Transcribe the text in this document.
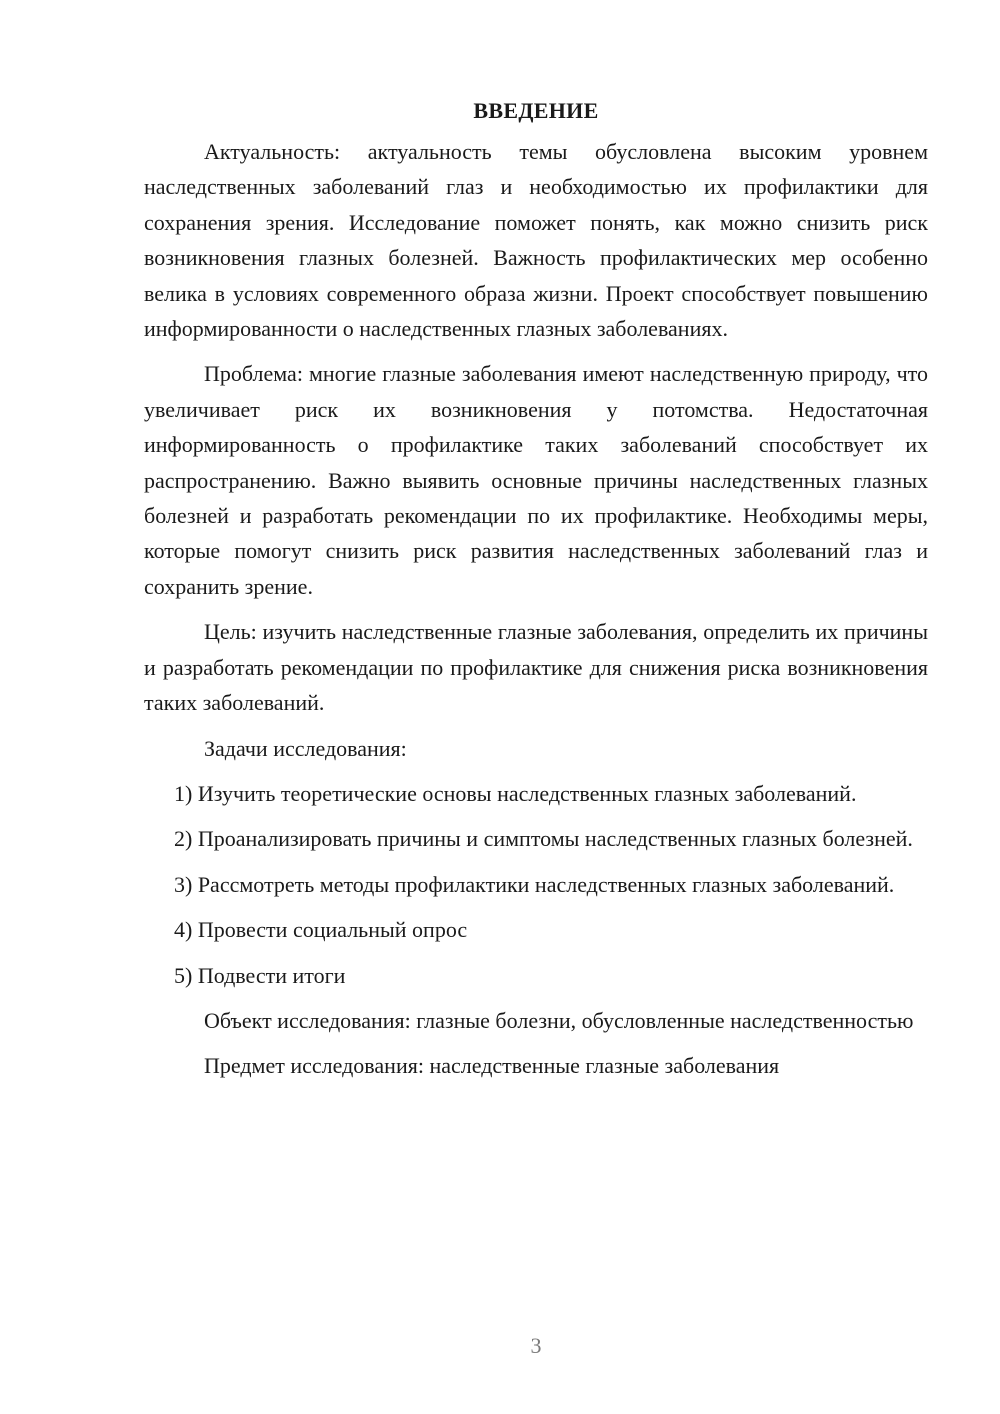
ВВЕДЕНИЕ

Актуальность: актуальность темы обусловлена высоким уровнем наследственных заболеваний глаз и необходимостью их профилактики для сохранения зрения. Исследование поможет понять, как можно снизить риск возникновения глазных болезней. Важность профилактических мер особенно велика в условиях современного образа жизни. Проект способствует повышению информированности о наследственных глазных заболеваниях.

Проблема: многие глазные заболевания имеют наследственную природу, что увеличивает риск их возникновения у потомства. Недостаточная информированность о профилактике таких заболеваний способствует их распространению. Важно выявить основные причины наследственных глазных болезней и разработать рекомендации по их профилактике. Необходимы меры, которые помогут снизить риск развития наследственных заболеваний глаз и сохранить зрение.

Цель: изучить наследственные глазные заболевания, определить их причины и разработать рекомендации по профилактике для снижения риска возникновения таких заболеваний.

Задачи исследования:

1) Изучить теоретические основы наследственных глазных заболеваний.

2) Проанализировать причины и симптомы наследственных глазных болезней.

3) Рассмотреть методы профилактики наследственных глазных заболеваний.

4) Провести социальный опрос

5) Подвести итоги

Объект исследования: глазные болезни, обусловленные наследственностью

Предмет исследования: наследственные глазные заболевания

3
